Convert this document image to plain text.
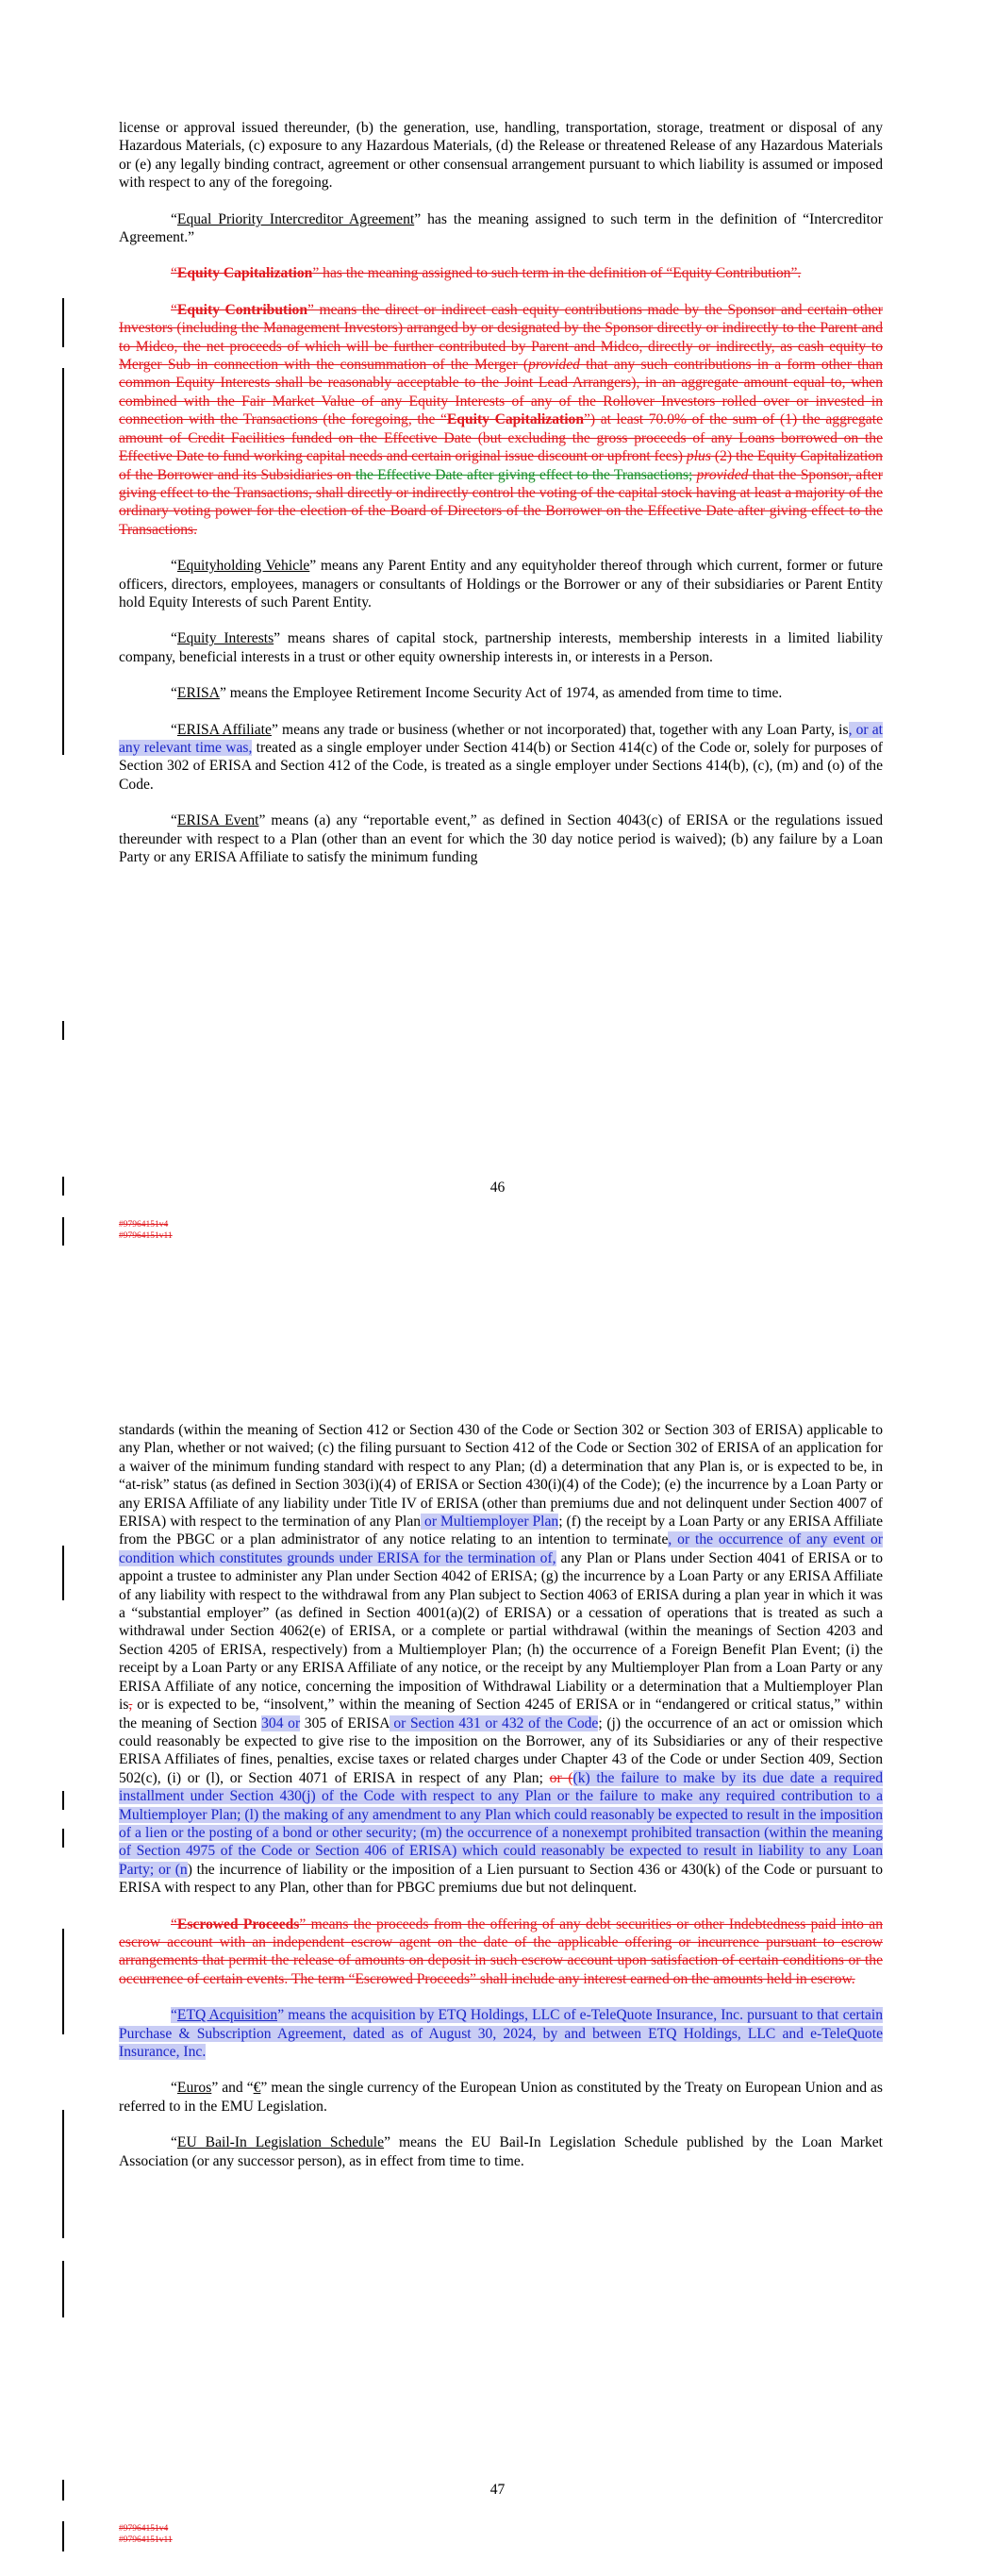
license or approval issued thereunder, (b) the generation, use, handling, transportation, storage, treatment or disposal of any Hazardous Materials, (c) exposure to any Hazardous Materials, (d) the Release or threatened Release of any Hazardous Materials or (e) any legally binding contract, agreement or other consensual arrangement pursuant to which liability is assumed or imposed with respect to any of the foregoing.

“Equal Priority Intercreditor Agreement” has the meaning assigned to such term in the definition of “Intercreditor Agreement.”

“Equity Capitalization” has the meaning assigned to such term in the definition of “Equity Contribution”.

“Equity Contribution” means the direct or indirect cash equity contributions made by the Sponsor and certain other Investors (including the Management Investors) arranged by or designated by the Sponsor directly or indirectly to the Parent and to Midco, the net proceeds of which will be further contributed by Parent and Midco, directly or indirectly, as cash equity to Merger Sub in connection with the consummation of the Merger (provided that any such contributions in a form other than common Equity Interests shall be reasonably acceptable to the Joint Lead Arrangers), in an aggregate amount equal to, when combined with the Fair Market Value of any Equity Interests of any of the Rollover Investors rolled over or invested in connection with the Transactions (the foregoing, the “Equity Capitalization”) at least 70.0% of the sum of (1) the aggregate amount of Credit Facilities funded on the Effective Date (but excluding the gross proceeds of any Loans borrowed on the Effective Date to fund working capital needs and certain original issue discount or upfront fees) plus (2) the Equity Capitalization of the Borrower and its Subsidiaries on the Effective Date after giving effect to the Transactions; provided that the Sponsor, after giving effect to the Transactions, shall directly or indirectly control the voting of the capital stock having at least a majority of the ordinary voting power for the election of the Board of Directors of the Borrower on the Effective Date after giving effect to the Transactions.

“Equityholding Vehicle” means any Parent Entity and any equityholder thereof through which current, former or future officers, directors, employees, managers or consultants of Holdings or the Borrower or any of their subsidiaries or Parent Entity hold Equity Interests of such Parent Entity.

“Equity Interests” means shares of capital stock, partnership interests, membership interests in a limited liability company, beneficial interests in a trust or other equity ownership interests in, or interests in a Person.

“ERISA” means the Employee Retirement Income Security Act of 1974, as amended from time to time.

“ERISA Affiliate” means any trade or business (whether or not incorporated) that, together with any Loan Party, is, or at any relevant time was, treated as a single employer under Section 414(b) or Section 414(c) of the Code or, solely for purposes of Section 302 of ERISA and Section 412 of the Code, is treated as a single employer under Sections 414(b), (c), (m) and (o) of the Code.

“ERISA Event” means (a) any “reportable event,” as defined in Section 4043(c) of ERISA or the regulations issued thereunder with respect to a Plan (other than an event for which the 30 day notice period is waived); (b) any failure by a Loan Party or any ERISA Affiliate to satisfy the minimum funding

46
#97964151v4
#97964151v11

standards (within the meaning of Section 412 or Section 430 of the Code or Section 302 or Section 303 of ERISA) applicable to any Plan, whether or not waived; (c) the filing pursuant to Section 412 of the Code or Section 302 of ERISA of an application for a waiver of the minimum funding standard with respect to any Plan; (d) a determination that any Plan is, or is expected to be, in “at-risk” status (as defined in Section 303(i)(4) of ERISA or Section 430(i)(4) of the Code); (e) the incurrence by a Loan Party or any ERISA Affiliate of any liability under Title IV of ERISA (other than premiums due and not delinquent under Section 4007 of ERISA) with respect to the termination of any Plan or Multiemployer Plan; (f) the receipt by a Loan Party or any ERISA Affiliate from the PBGC or a plan administrator of any notice relating to an intention to terminate, or the occurrence of any event or condition which constitutes grounds under ERISA for the termination of, any Plan or Plans under Section 4041 of ERISA or to appoint a trustee to administer any Plan under Section 4042 of ERISA; (g) the incurrence by a Loan Party or any ERISA Affiliate of any liability with respect to the withdrawal from any Plan subject to Section 4063 of ERISA during a plan year in which it was a “substantial employer” (as defined in Section 4001(a)(2) of ERISA) or a cessation of operations that is treated as such a withdrawal under Section 4062(e) of ERISA, or a complete or partial withdrawal (within the meanings of Section 4203 and Section 4205 of ERISA, respectively) from a Multiemployer Plan; (h) the occurrence of a Foreign Benefit Plan Event; (i) the receipt by a Loan Party or any ERISA Affiliate of any notice, or the receipt by any Multiemployer Plan from a Loan Party or any ERISA Affiliate of any notice, concerning the imposition of Withdrawal Liability or a determination that a Multiemployer Plan is, or is expected to be, “insolvent,” within the meaning of Section 4245 of ERISA or in “endangered or critical status,” within the meaning of Section 304 or 305 of ERISA or Section 431 or 432 of the Code; (j) the occurrence of an act or omission which could reasonably be expected to give rise to the imposition on the Borrower, any of its Subsidiaries or any of their respective ERISA Affiliates of fines, penalties, excise taxes or related charges under Chapter 43 of the Code or under Section 409, Section 502(c), (i) or (l), or Section 4071 of ERISA in respect of any Plan; or ((k) the failure to make by its due date a required installment under Section 430(j) of the Code with respect to any Plan or the failure to make any required contribution to a Multiemployer Plan; (l) the making of any amendment to any Plan which could reasonably be expected to result in the imposition of a lien or the posting of a bond or other security; (m) the occurrence of a nonexempt prohibited transaction (within the meaning of Section 4975 of the Code or Section 406 of ERISA) which could reasonably be expected to result in liability to any Loan Party; or (n) the incurrence of liability or the imposition of a Lien pursuant to Section 436 or 430(k) of the Code or pursuant to ERISA with respect to any Plan, other than for PBGC premiums due but not delinquent.

“Escrowed Proceeds” means the proceeds from the offering of any debt securities or other Indebtedness paid into an escrow account with an independent escrow agent on the date of the applicable offering or incurrence pursuant to escrow arrangements that permit the release of amounts on deposit in such escrow account upon satisfaction of certain conditions or the occurrence of certain events. The term “Escrowed Proceeds” shall include any interest earned on the amounts held in escrow.

“ETQ Acquisition” means the acquisition by ETQ Holdings, LLC of e-TeleQuote Insurance, Inc. pursuant to that certain Purchase & Subscription Agreement, dated as of August 30, 2024, by and between ETQ Holdings, LLC and e-TeleQuote Insurance, Inc.

“Euros” and “€” mean the single currency of the European Union as constituted by the Treaty on European Union and as referred to in the EMU Legislation.

“EU Bail-In Legislation Schedule” means the EU Bail-In Legislation Schedule published by the Loan Market Association (or any successor person), as in effect from time to time.

47
#97964151v4
#97964151v11
